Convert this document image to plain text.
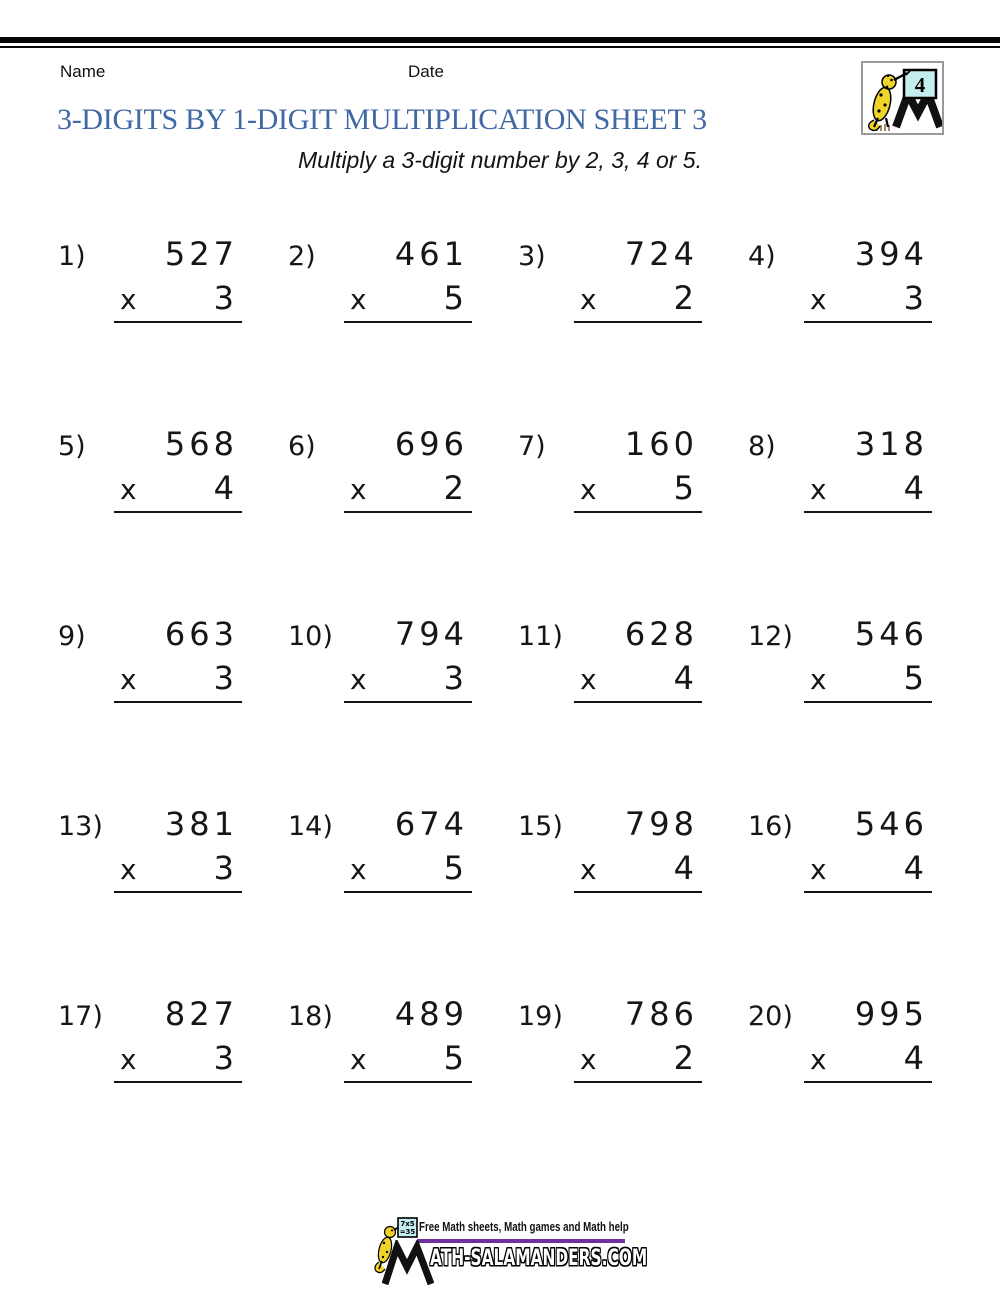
Name	Date
4
3-DIGITS BY 1-DIGIT MULTIPLICATION SHEET 3
Multiply a 3-digit number by 2, 3, 4 or 5.
1)	527
x 3
2)	461
x 5
3)	724
x 2
4)	394
x 3
5)	568
x 4
6)	696
x 2
7)	160
x 5
8)	318
x 4
9)	663
x 3
10)	794
x 3
11)	628
x 4
12)	546
x 5
13)	381
x 3
14)	674
x 5
15)	798
x 4
16)	546
x 4
17)	827
x 3
18)	489
x 5
19)	786
x 2
20)	995
x 4
7x5
=35 Free Math sheets, Math games and Math help
ATH-SALAMANDERS.COM
